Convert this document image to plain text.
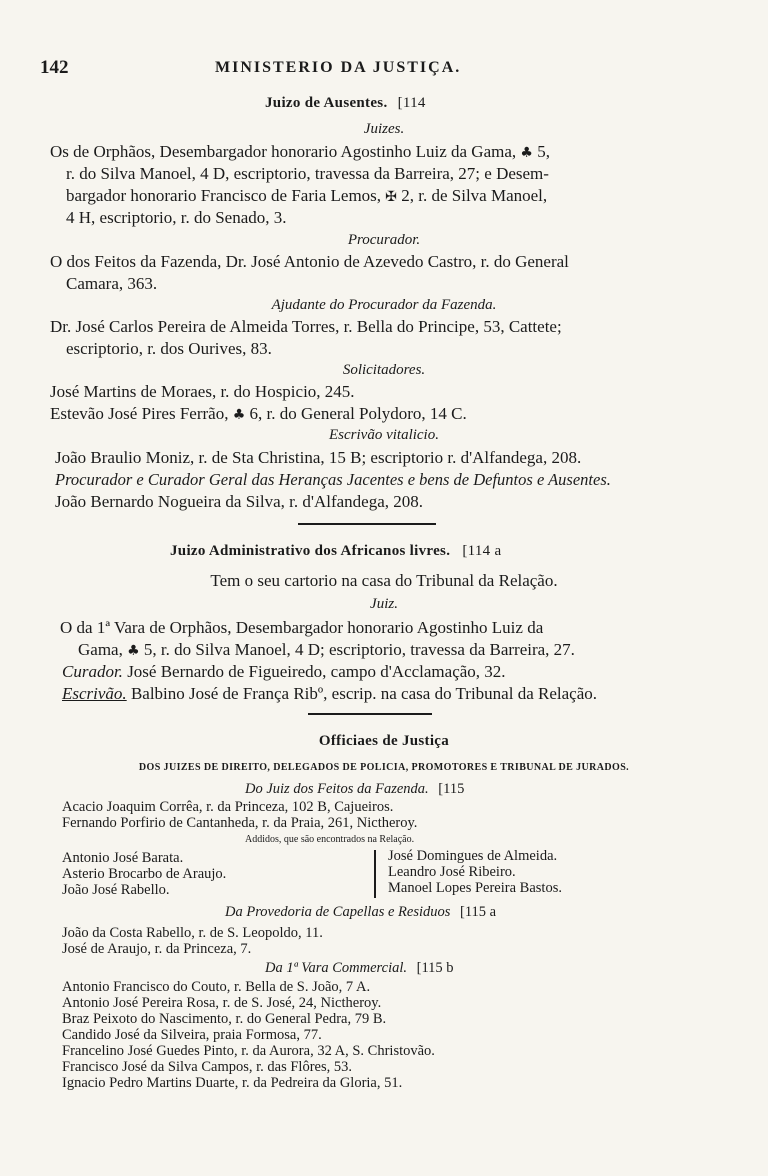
142	MINISTERIO DA JUSTIÇA.
Juizo de Ausentes. [114
Juizes.
Os de Orphãos, Desembargador honorario Agostinho Luiz da Gama, ♣ 5,
r. do Silva Manoel, 4 D, escriptorio, travessa da Barreira, 27; e Desem-
bargador honorario Francisco de Faria Lemos, ✠ 2, r. de Silva Manoel,
4 H, escriptorio, r. do Senado, 3.
Procurador.
O dos Feitos da Fazenda, Dr. José Antonio de Azevedo Castro, r. do General
Camara, 363.
Ajudante do Procurador da Fazenda.
Dr. José Carlos Pereira de Almeida Torres, r. Bella do Principe, 53, Cattete;
escriptorio, r. dos Ourives, 83.
Solicitadores.
José Martins de Moraes, r. do Hospicio, 245.
Estevão José Pires Ferrão, ♣ 6, r. do General Polydoro, 14 C.
Escrivão vitalicio.
João Braulio Moniz, r. de Sta Christina, 15 B; escriptorio r. d'Alfandega, 208.
Procurador e Curador Geral das Heranças Jacentes e bens de Defuntos e Ausentes.
João Bernardo Nogueira da Silva, r. d'Alfandega, 208.
Juizo Administrativo dos Africanos livres. [114 a
Tem o seu cartorio na casa do Tribunal da Relação.
Juiz.
O da 1ª Vara de Orphãos, Desembargador honorario Agostinho Luiz da
Gama, ♣ 5, r. do Silva Manoel, 4 D; escriptorio, travessa da Barreira, 27.
Curador. José Bernardo de Figueiredo, campo d'Acclamação, 32.
Escrivão. Balbino José de França Ribº, escrip. na casa do Tribunal da Relação.
Officiaes de Justiça
DOS JUIZES DE DIREITO, DELEGADOS DE POLICIA, PROMOTORES E TRIBUNAL DE JURADOS.
Do Juiz dos Feitos da Fazenda. [115
Acacio Joaquim Corrêa, r. da Princeza, 102 B, Cajueiros.
Fernando Porfirio de Cantanheda, r. da Praia, 261, Nictheroy.
Addidos, que são encontrados na Relação.
Antonio José Barata.
Asterio Brocarbo de Araujo.
João José Rabello.
José Domingues de Almeida.
Leandro José Ribeiro.
Manoel Lopes Pereira Bastos.
Da Provedoria de Capellas e Residuos [115 a
João da Costa Rabello, r. de S. Leopoldo, 11.
José de Araujo, r. da Princeza, 7.
Da 1ª Vara Commercial. [115 b
Antonio Francisco do Couto, r. Bella de S. João, 7 A.
Antonio José Pereira Rosa, r. de S. José, 24, Nictheroy.
Braz Peixoto do Nascimento, r. do General Pedra, 79 B.
Candido José da Silveira, praia Formosa, 77.
Francelino José Guedes Pinto, r. da Aurora, 32 A, S. Christovão.
Francisco José da Silva Campos, r. das Flôres, 53.
Ignacio Pedro Martins Duarte, r. da Pedreira da Gloria, 51.
